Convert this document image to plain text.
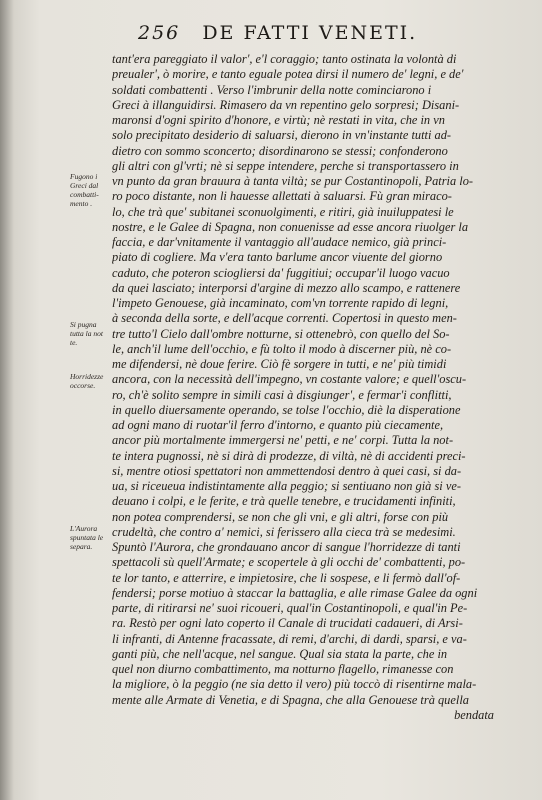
256 DE FATTI VENETI.
Fugono i
Greci dal
combatti-
mento .
Si pugna
tutta la not
te.
Horridezze
occorse.
L'Aurora
spuntata le
separa.
tant'era pareggiato il valor', e'l coraggio; tanto ostinata la volontà di
preualer', ò morire, e tanto eguale potea dirsi il numero de' legni, e de'
soldati combattenti . Verso l'imbrunir della notte cominciarono i
Greci à illanguidirsi. Rimasero da vn repentino gelo sorpresi; Disani-
maronsi d'ogni spirito d'honore, e virtù; nè restati in vita, che in vn
solo precipitato desiderio di saluarsi, dierono in vn'instante tutti ad-
dietro con sommo sconcerto; disordinarono se stessi; confonderono
gli altri con gl'vrti; nè si seppe intendere, perche si transportassero in
vn punto da gran brauura à tanta viltà; se pur Costantinopoli, Patria lo-
ro poco distante, non li hauesse allettati à saluarsi. Fù gran miraco-
lo, che trà que' subitanei sconuolgimenti, e ritiri, già inuiluppatesi le
nostre, e le Galee di Spagna, non conuenisse ad esse ancora riuolger la
faccia, e dar'vnitamente il vantaggio all'audace nemico, già princi-
piato di cogliere. Ma v'era tanto barlume ancor viuente del giorno
caduto, che poteron sciogliersi da' fuggitiui; occupar'il luogo vacuo
da quei lasciato; interporsi d'argine di mezzo allo scampo, e rattenere
l'impeto Genouese, già incaminato, com'vn torrente rapido di legni,
à seconda della sorte, e dell'acque correnti. Copertosi in questo men-
tre tutto'l Cielo dall'ombre notturne, si ottenebrò, con quello del So-
le, anch'il lume dell'occhio, e fù tolto il modo à discerner più, nè co-
me difendersi, nè doue ferire. Ciò fè sorgere in tutti, e ne' più timidi
ancora, con la necessità dell'impegno, vn costante valore; e quell'oscu-
ro, ch'è solito sempre in simili casi à disgiunger', e fermar'i conflitti,
in quello diuersamente operando, se tolse l'occhio, diè la disperatione
ad ogni mano di ruotar'il ferro d'intorno, e quanto più ciecamente,
ancor più mortalmente immergersi ne' petti, e ne' corpi. Tutta la not-
te intera pugnossi, nè si dirà di prodezze, di viltà, nè di accidenti preci-
si, mentre otiosi spettatori non ammettendosi dentro à quei casi, si da-
ua, si riceueua indistintamente alla peggio; si sentiuano non già si ve-
deuano i colpi, e le ferite, e trà quelle tenebre, e trucidamenti infiniti,
non potea comprendersi, se non che gli vni, e gli altri, forse con più
crudeltà, che contro a' nemici, si ferissero alla cieca trà se medesimi.
Spuntò l'Aurora, che grondauano ancor di sangue l'horridezze di tanti
spettacoli sù quell'Armate; e scopertele à gli occhi de' combattenti, po-
te lor tanto, e atterrire, e impietosire, che li sospese, e li fermò dall'of-
fendersi; porse motiuo à staccar la battaglia, e alle rimase Galee da ogni
parte, di ritirarsi ne' suoi ricoueri, qual'in Costantinopoli, e qual'in Pe-
ra. Restò per ogni lato coperto il Canale di trucidati cadaueri, di Arsi-
li infranti, di Antenne fracassate, di remi, d'archi, di dardi, sparsi, e va-
ganti più, che nell'acque, nel sangue. Qual sia stata la parte, che in
quel non diurno combattimento, ma notturno flagello, rimanesse con
la migliore, ò la peggio (ne sia detto il vero) più toccò di risentirne mala-
mente alle Armate di Venetia, e di Spagna, che alla Genouese trà quella
bendata
